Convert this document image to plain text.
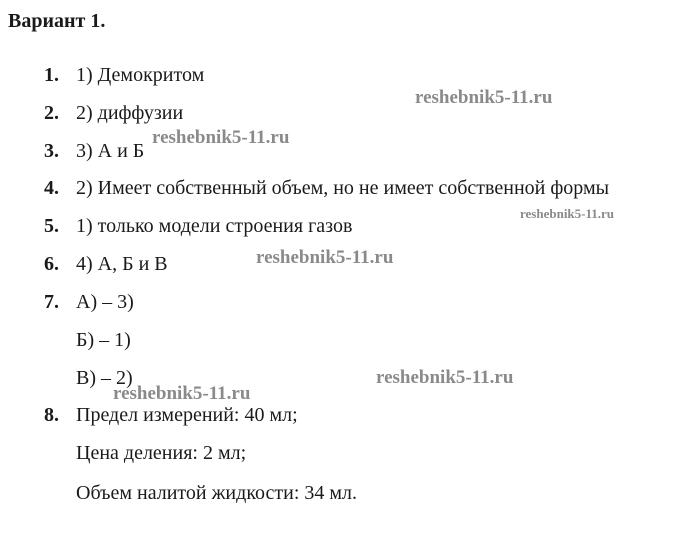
Вариант 1.
1. 1) Демокритом
2. 2) диффузии
3. 3) А и Б
4. 2) Имеет собственный объем, но не имеет собственной формы
5. 1) только модели строения газов
6. 4) А, Б и В
7. А) – 3)
Б) – 1)
В) – 2)
8. Предел измерений: 40 мл;
Цена деления: 2 мл;
Объем налитой жидкости: 34 мл.
reshebnik5-11.ru
reshebnik5-11.ru
reshebnik5-11.ru
reshebnik5-11.ru
reshebnik5-11.ru
reshebnik5-11.ru
